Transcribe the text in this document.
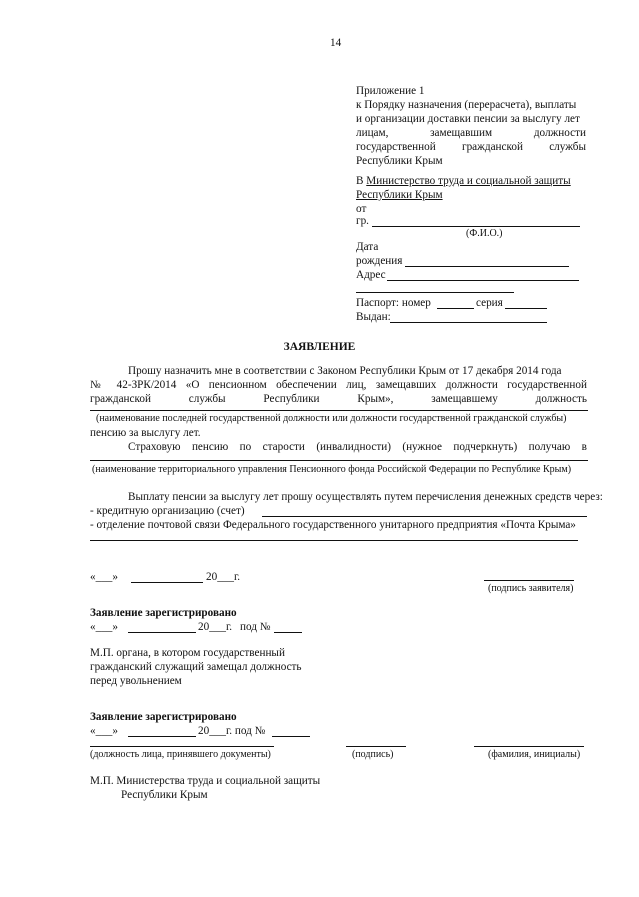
14
Приложение 1
к Порядку назначения (перерасчета), выплаты
и организации доставки пенсии за выслугу лет
лицам,	замещавшим	должности
государственной гражданской службы
Республики Крым
В Министерство труда и социальной защиты
Республики Крым
от
гр.
(Ф.И.О.)
Дата
рождения
Адрес
Паспорт: номер	серия
Выдан:
ЗАЯВЛЕНИЕ
Прошу назначить мне в соответствии с Законом Республики Крым от 17 декабря 2014 года
№ 42-ЗРК/2014 «О пенсионном обеспечении лиц, замещавших должности государственной
гражданской	службы	Республики	Крым»,	замещавшему	должность
(наименование последней государственной должности или должности государственной гражданской службы)
пенсию за выслугу лет.
Страховую пенсию по старости (инвалидности) (нужное подчеркнуть) получаю в
(наименование территориального управления Пенсионного фонда Российской Федерации по Республике Крым)
Выплату пенсии за выслугу лет прошу осуществлять путем перечисления денежных средств через:
- кредитную организацию (счет)
- отделение почтовой связи Федерального государственного унитарного предприятия «Почта Крыма»
«___»	20___г.
(подпись заявителя)
Заявление зарегистрировано
«___»	20___г. под №
М.П. органа, в котором государственный
гражданский служащий замещал должность
перед увольнением
Заявление зарегистрировано
«___»	20___г. под №
(должность лица, принявшего документы)	(подпись)	(фамилия, инициалы)
М.П. Министерства труда и социальной защиты
Республики Крым
